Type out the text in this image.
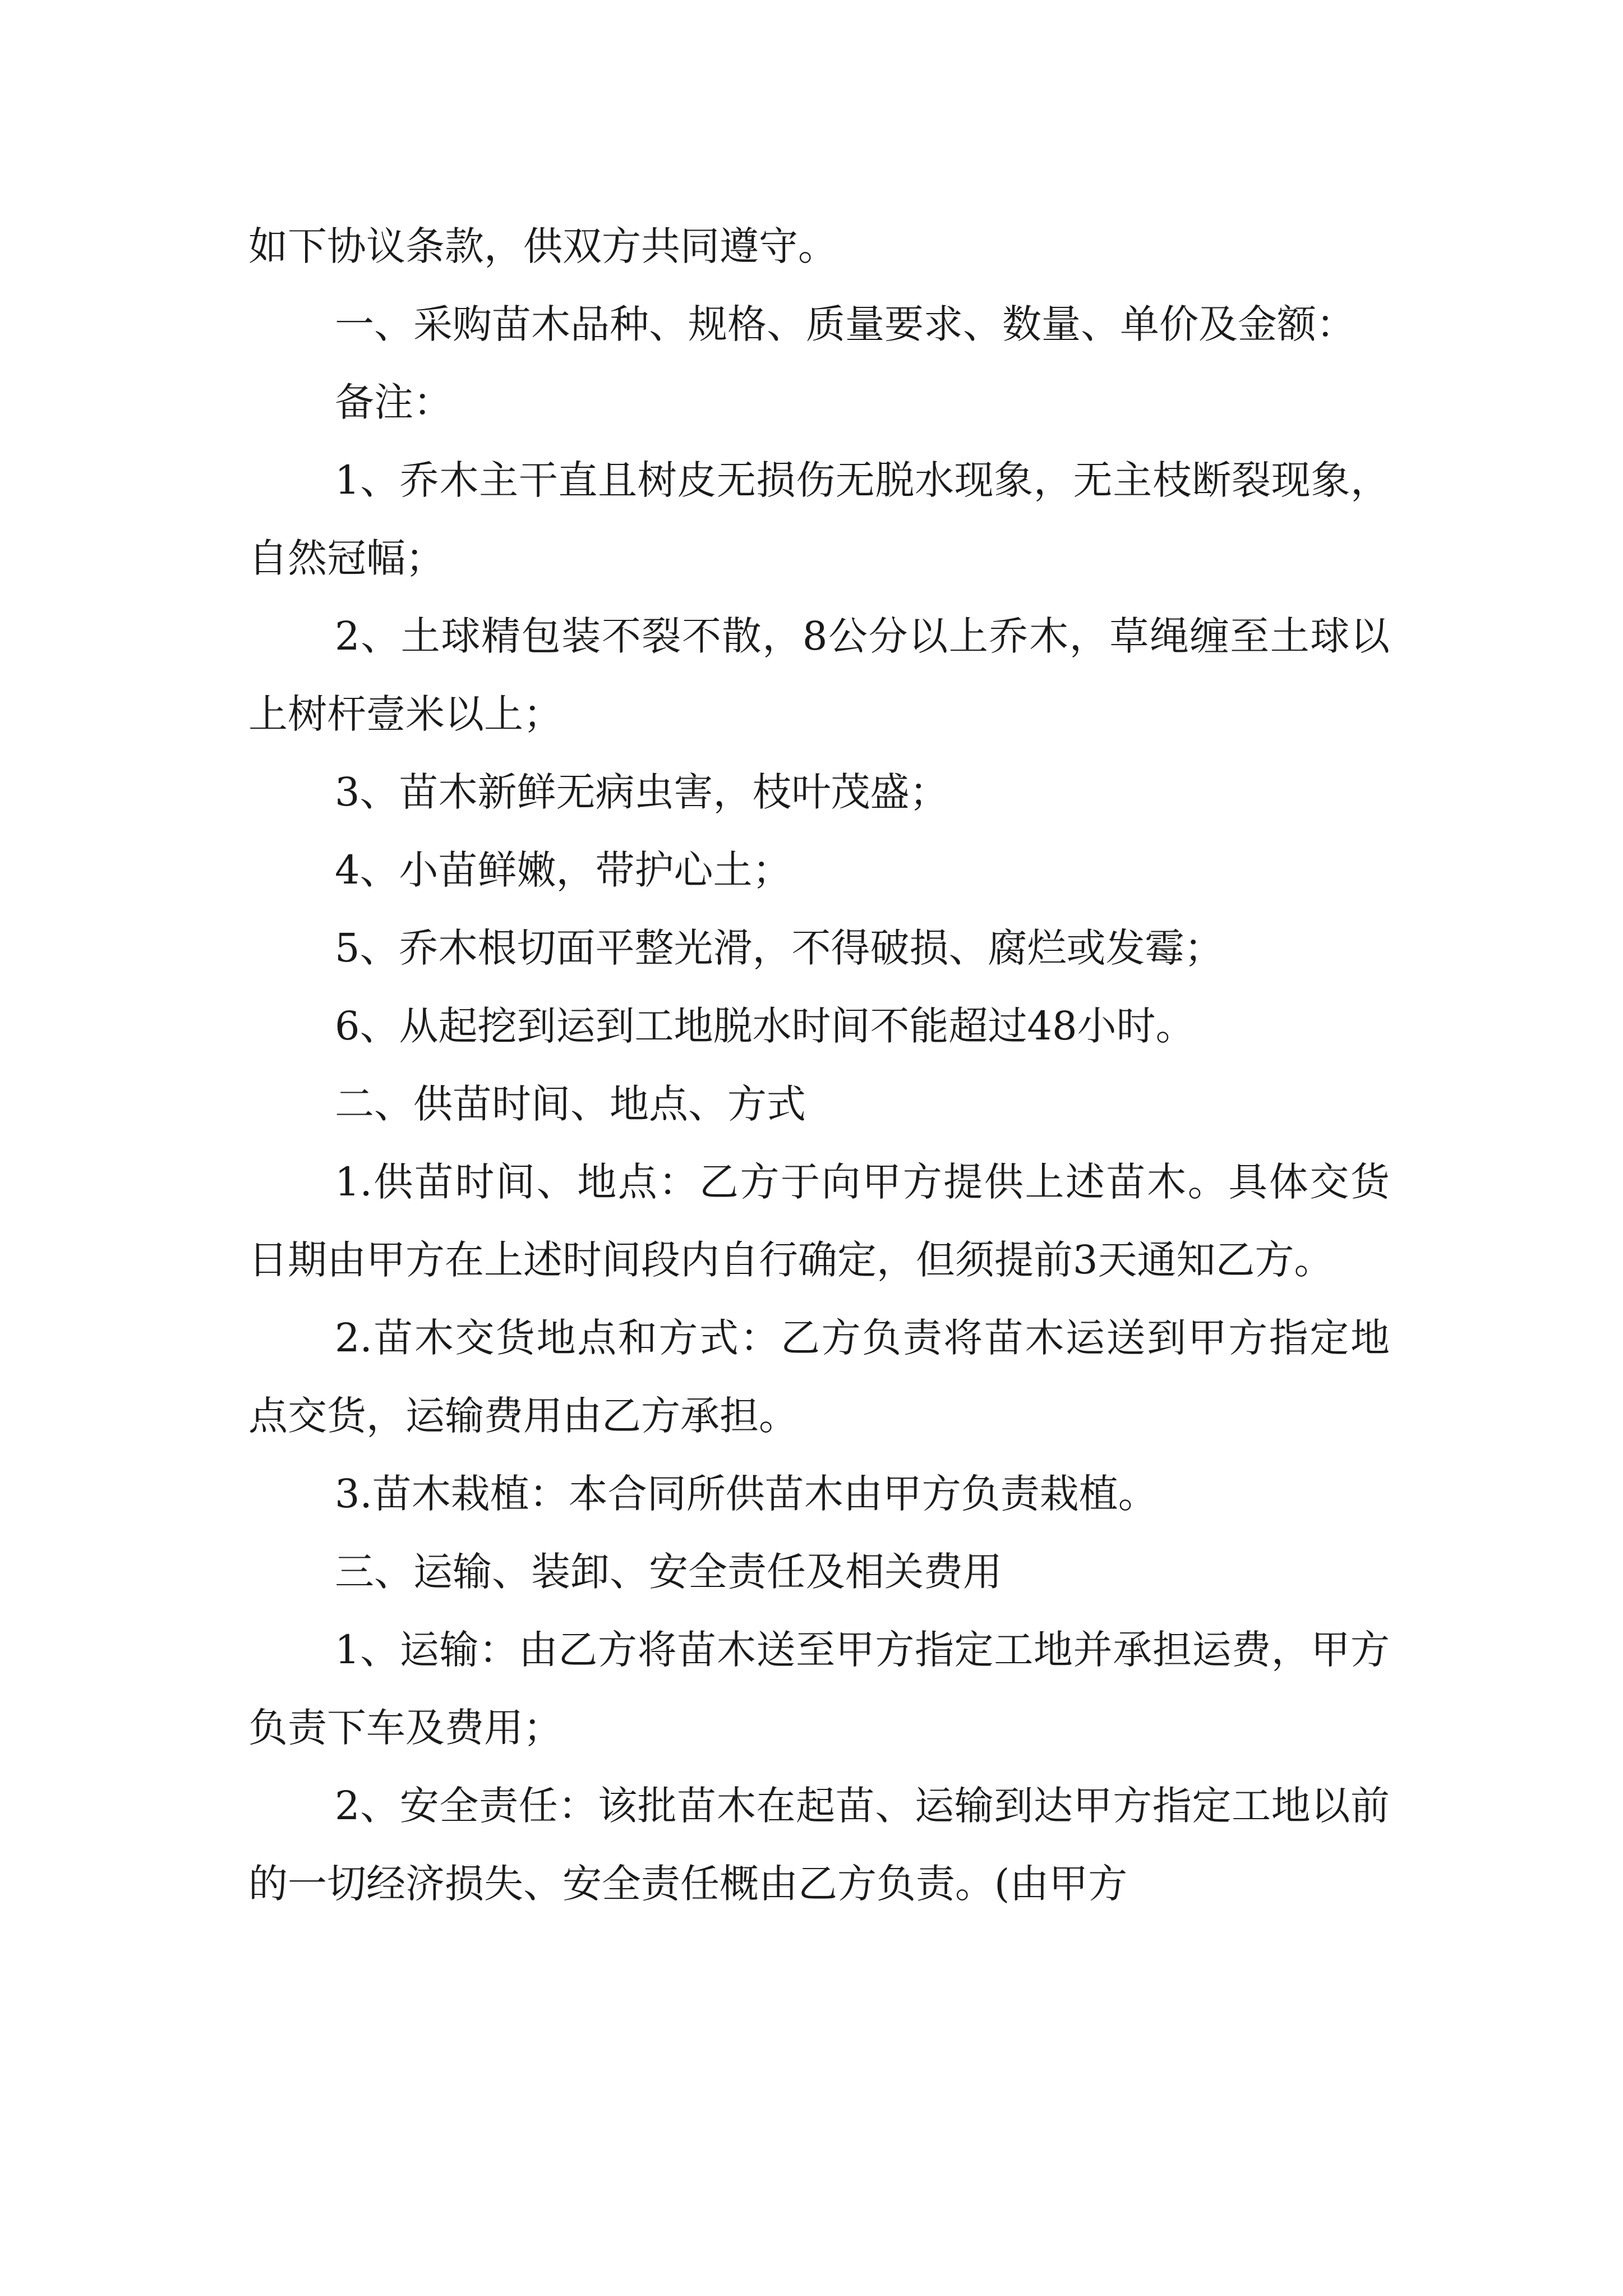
如下协议条款，供双方共同遵守。

一、采购苗木品种、规格、质量要求、数量、单价及金额：

备注：

1、乔木主干直且树皮无损伤无脱水现象，无主枝断裂现象，自然冠幅；

2、土球精包装不裂不散，8公分以上乔木，草绳缠至土球以上树杆壹米以上；

3、苗木新鲜无病虫害，枝叶茂盛；

4、小苗鲜嫩，带护心土；

5、乔木根切面平整光滑，不得破损、腐烂或发霉；

6、从起挖到运到工地脱水时间不能超过48小时。

二、供苗时间、地点、方式

1.供苗时间、地点：乙方于向甲方提供上述苗木。具体交货日期由甲方在上述时间段内自行确定，但须提前3天通知乙方。

2.苗木交货地点和方式：乙方负责将苗木运送到甲方指定地点交货，运输费用由乙方承担。

3.苗木栽植：本合同所供苗木由甲方负责栽植。

三、运输、装卸、安全责任及相关费用

1、运输：由乙方将苗木送至甲方指定工地并承担运费，甲方负责下车及费用；

2、安全责任：该批苗木在起苗、运输到达甲方指定工地以前的一切经济损失、安全责任概由乙方负责。(由甲方
